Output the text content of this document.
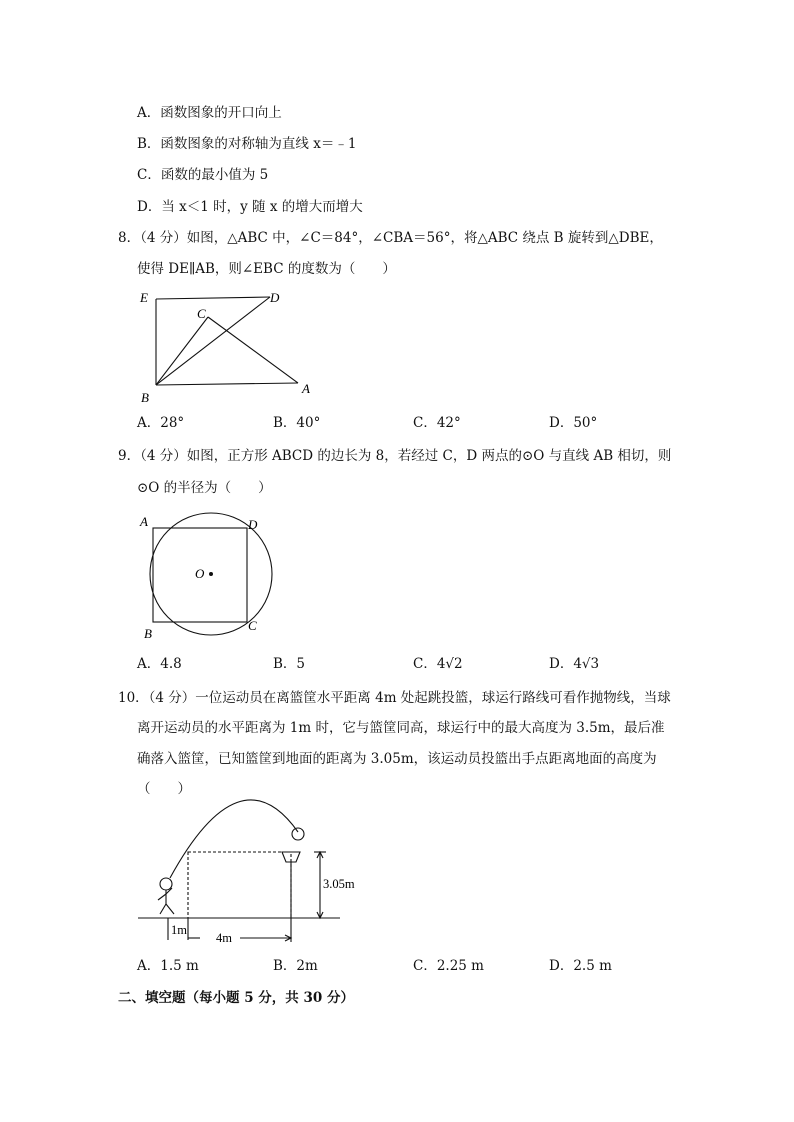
A．函数图象的开口向上
B．函数图象的对称轴为直线 x＝﹣1
C．函数的最小值为 5
D．当 x＜1 时，y 随 x 的增大而增大
8．（4 分）如图，△ABC 中，∠C＝84°，∠CBA＝56°，将△ABC 绕点 B 旋转到△DBE，
使得 DE∥AB，则∠EBC 的度数为（　　）
E	D
C
B
A
A．28°	B．40°	C．42°	D．50°
9．（4 分）如图，正方形 ABCD 的边长为 8，若经过 C，D 两点的⊙O 与直线 AB 相切，则
⊙O 的半径为（　　）
A	D
O
B
C
A．4.8	B．5	C．4√2	D．4√3
10．（4 分）一位运动员在离篮筐水平距离 4m 处起跳投篮，球运行路线可看作抛物线，当球
离开运动员的水平距离为 1m 时，它与篮筐同高，球运行中的最大高度为 3.5m，最后准
确落入篮筐，已知篮筐到地面的距离为 3.05m，该运动员投篮出手点距离地面的高度为
（　　）
3.05m
1m
4m
A．1.5 m	B．2m	C．2.25 m	D．2.5 m
二、填空题（每小题 5 分，共 30 分）
